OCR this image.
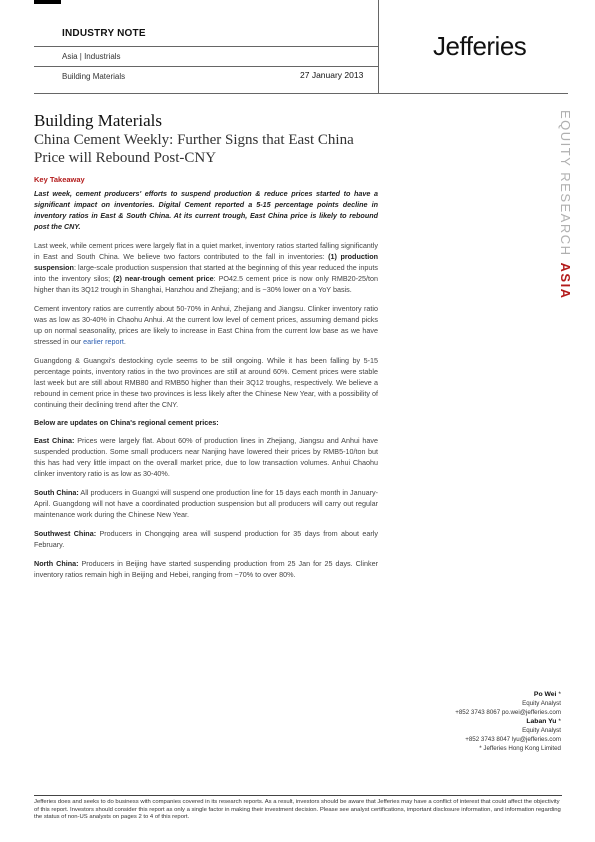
INDUSTRY NOTE
Asia | Industrials
Building Materials	27 January 2013
Jefferies
EQUITY RESEARCHASIA
Building Materials
China Cement Weekly: Further Signs that East China Price will Rebound Post-CNY
Key Takeaway
Last week, cement producers' efforts to suspend production & reduce prices started to have a significant impact on inventories. Digital Cement reported a 5-15 percentage points decline in inventory ratios in East & South China. At its current trough, East China price is likely to rebound post the CNY.
Last week, while cement prices were largely flat in a quiet market, inventory ratios started falling significantly in East and South China. We believe two factors contributed to the fall in inventories: (1) production suspension: large-scale production suspension that started at the beginning of this year reduced the inputs into the inventory silos; (2) near-trough cement price: PO42.5 cement price is now only RMB20-25/ton higher than its 3Q12 trough in Shanghai, Hanzhou and Zhejiang; and is ~30% lower on a YoY basis.
Cement inventory ratios are currently about 50-70% in Anhui, Zhejiang and Jiangsu. Clinker inventory ratio was as low as 30-40% in Chaohu Anhui. At the current low level of cement prices, assuming demand picks up on normal seasonality, prices are likely to increase in East China from the current low base as we have stressed in our earlier report.
Guangdong & Guangxi's destocking cycle seems to be still ongoing. While it has been falling by 5-15 percentage points, inventory ratios in the two provinces are still at around 60%. Cement prices were stable last week but are still about RMB80 and RMB50 higher than their 3Q12 troughs, respectively. We believe a rebound in cement price in these two provinces is less likely after the Chinese New Year, with a possibility of continuing their declining trend after the CNY.
Below are updates on China's regional cement prices:
East China: Prices were largely flat. About 60% of production lines in Zhejiang, Jiangsu and Anhui have suspended production. Some small producers near Nanjing have lowered their prices by RMB5-10/ton but this has had very little impact on the overall market price, due to low transaction volumes. Anhui Chaohu clinker inventory ratio is as low as 30-40%.
South China: All producers in Guangxi will suspend one production line for 15 days each month in January-April. Guangdong will not have a coordinated production suspension but all producers will carry out regular maintenance work during the Chinese New Year.
Southwest China: Producers in Chongqing area will suspend production for 35 days from about early February.
North China: Producers in Beijing have started suspending production from 25 Jan for 25 days. Clinker inventory ratios remain high in Beijing and Hebei, ranging from ~70% to over 80%.
Po Wei *
Equity Analyst
+852 3743 8067 po.wei@jefferies.com
Laban Yu *
Equity Analyst
+852 3743 8047 lyu@jefferies.com
* Jefferies Hong Kong Limited
Jefferies does and seeks to do business with companies covered in its research reports. As a result, investors should be aware that Jefferies may have a conflict of interest that could affect the objectivity of this report. Investors should consider this report as only a single factor in making their investment decision. Please see analyst certifications, important disclosure information, and information regarding the status of non-US analysts on pages 2 to 4 of this report.
